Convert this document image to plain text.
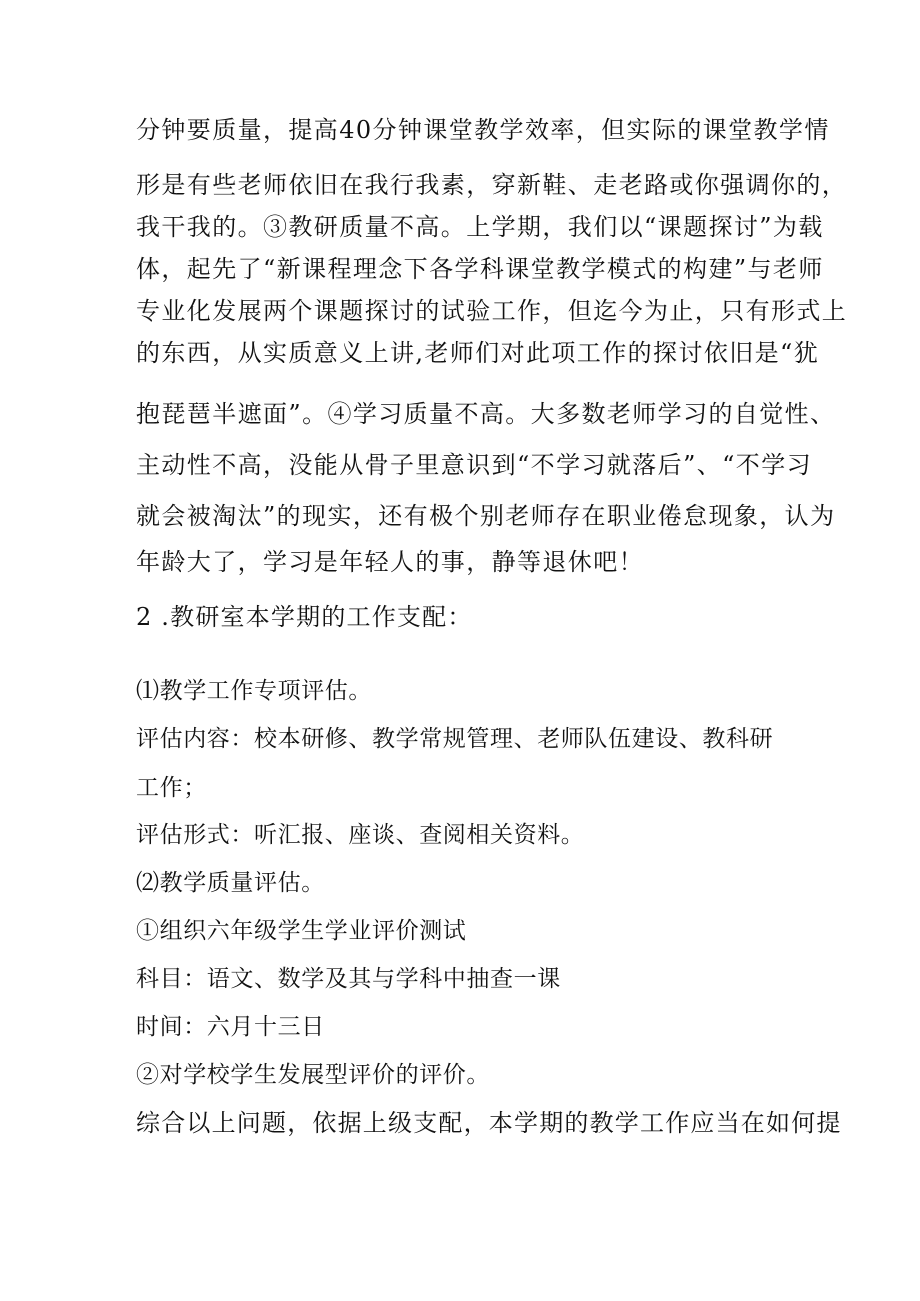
分钟要质量，提高40分钟课堂教学效率，但实际的课堂教学情

形是有些老师依旧在我行我素，穿新鞋、走老路或你强调你的，

我干我的。③教研质量不高。上学期，我们以“课题探讨”为载

体，起先了“新课程理念下各学科课堂教学模式的构建”与老师

专业化发展两个课题探讨的试验工作，但迄今为止，只有形式上

的东西，从实质意义上讲,老师们对此项工作的探讨依旧是“犹

抱琵琶半遮面”。④学习质量不高。大多数老师学习的自觉性、

主动性不高，没能从骨子里意识到“不学习就落后”、“不学习

就会被淘汰”的现实，还有极个别老师存在职业倦怠现象，认为

年龄大了，学习是年轻人的事，静等退休吧！

2 .教研室本学期的工作支配：

⑴教学工作专项评估。

评估内容：校本研修、教学常规管理、老师队伍建设、教科研

工作；

评估形式：听汇报、座谈、查阅相关资料。

⑵教学质量评估。

①组织六年级学生学业评价测试

科目：语文、数学及其与学科中抽查一课

时间：六月十三日

②对学校学生发展型评价的评价。

综合以上问题，依据上级支配，本学期的教学工作应当在如何提
